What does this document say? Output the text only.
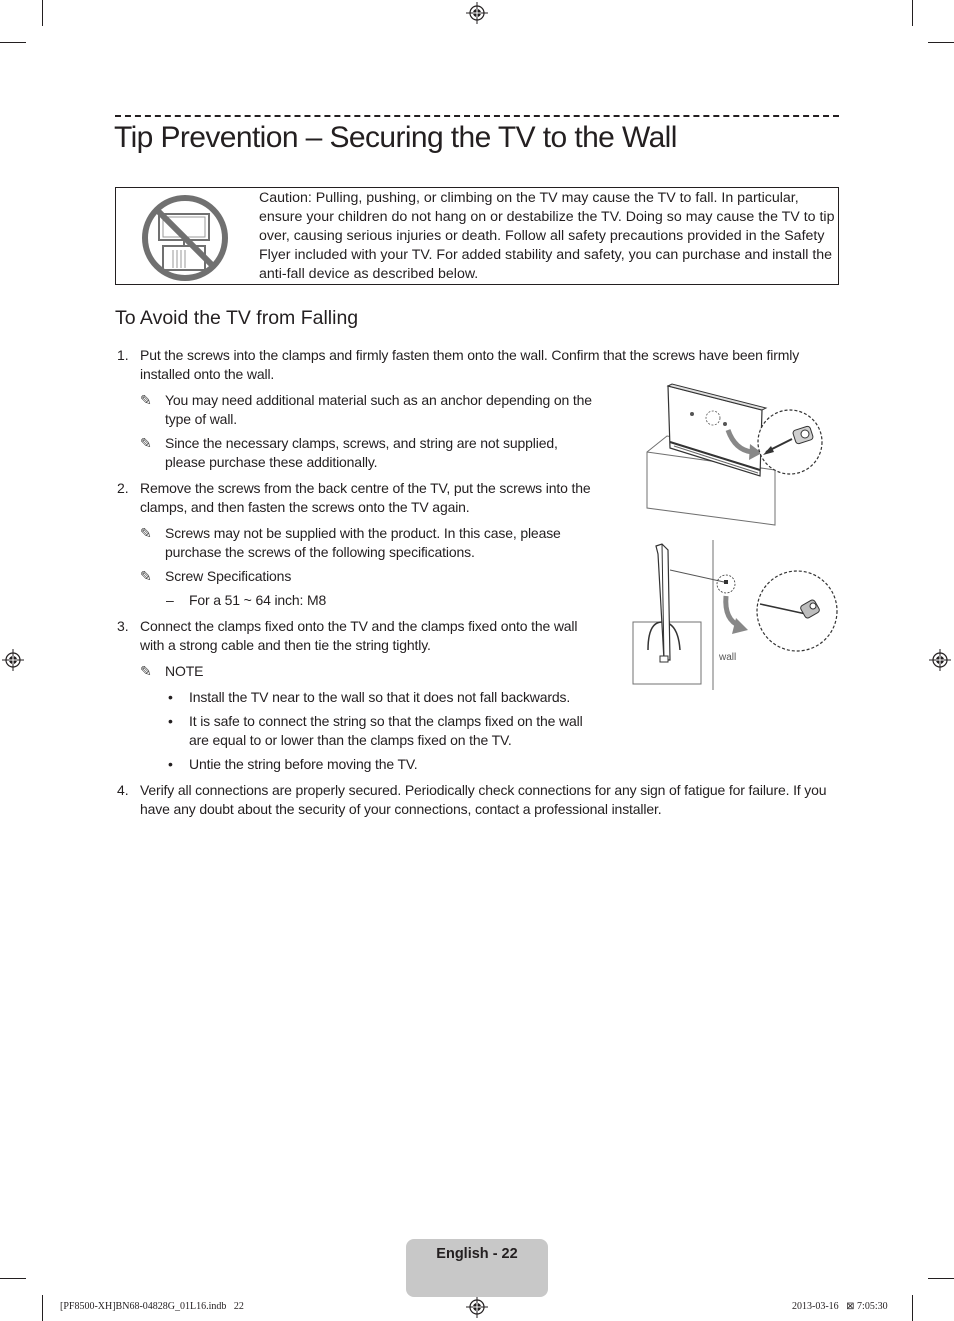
Tip Prevention – Securing the TV to the Wall

Caution: Pulling, pushing, or climbing on the TV may cause the TV to fall. In particular, ensure your children do not hang on or destabilize the TV. Doing so may cause the TV to tip over, causing serious injuries or death. Follow all safety precautions provided in the Safety Flyer included with your TV. For added stability and safety, you can purchase and install the anti-fall device as described below.

To Avoid the TV from Falling
1. Put the screws into the clamps and firmly fasten them onto the wall. Confirm that the screws have been firmly installed onto the wall.
✎ You may need additional material such as an anchor depending on the type of wall.
✎ Since the necessary clamps, screws, and string are not supplied, please purchase these additionally.
2. Remove the screws from the back centre of the TV, put the screws into the clamps, and then fasten the screws onto the TV again.
✎ Screws may not be supplied with the product. In this case, please purchase the screws of the following specifications.
✎ Screw Specifications
– For a 51 ~ 64 inch: M8
3. Connect the clamps fixed onto the TV and the clamps fixed onto the wall with a strong cable and then tie the string tightly.
✎ NOTE
• Install the TV near to the wall so that it does not fall backwards.
• It is safe to connect the string so that the clamps fixed on the wall are equal to or lower than the clamps fixed on the TV.
• Untie the string before moving the TV.
4. Verify all connections are properly secured. Periodically check connections for any sign of fatigue for failure. If you have any doubt about the security of your connections, contact a professional installer.
wall
English - 22
[PF8500-XH]BN68-04828G_01L16.indb   22	2013-03-16   ⊠ 7:05:30
